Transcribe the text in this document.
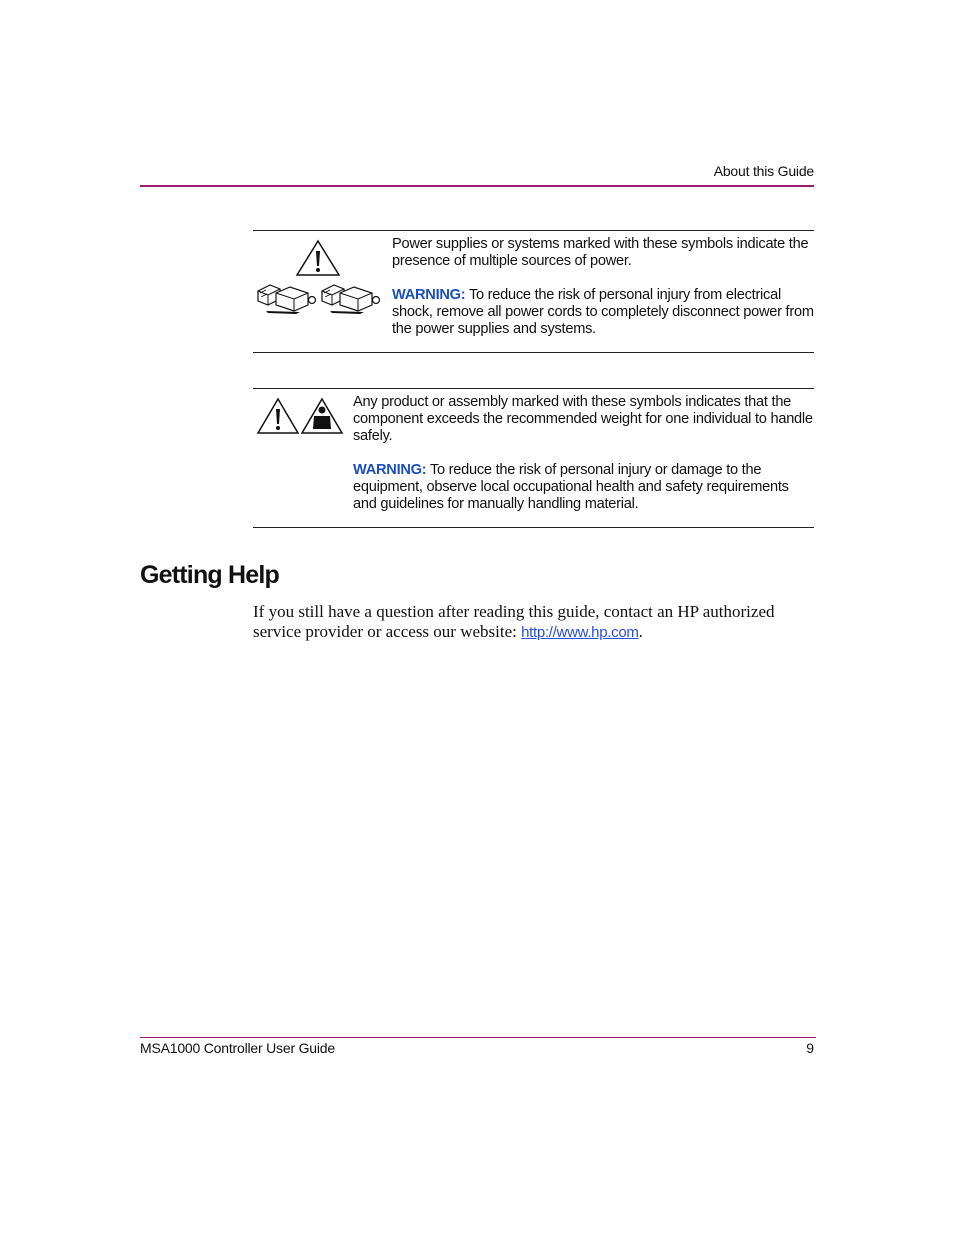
About this Guide

Power supplies or systems marked with these symbols indicate the presence of multiple sources of power.

WARNING: To reduce the risk of personal injury from electrical shock, remove all power cords to completely disconnect power from the power supplies and systems.

Any product or assembly marked with these symbols indicates that the component exceeds the recommended weight for one individual to handle safely.

WARNING: To reduce the risk of personal injury or damage to the equipment, observe local occupational health and safety requirements and guidelines for manually handling material.

Getting Help

If you still have a question after reading this guide, contact an HP authorized service provider or access our website: http://www.hp.com.

MSA1000 Controller User Guide	9
